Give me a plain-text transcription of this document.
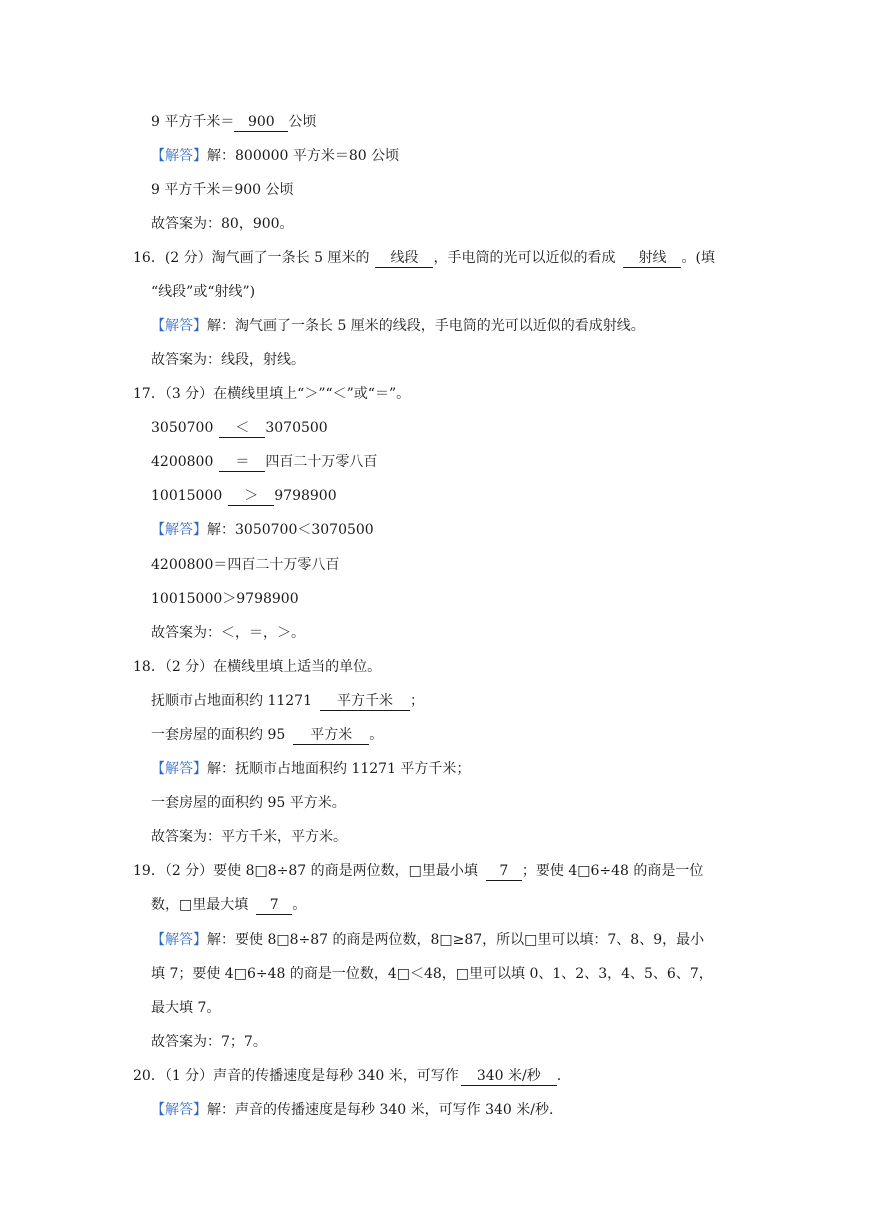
9 平方千米＝ 900 公顷
【解答】解：800000 平方米＝80 公顷
9 平方千米＝900 公顷
故答案为：80，900。
16．(2 分）淘气画了一条长 5 厘米的 线段 ，手电筒的光可以近似的看成 射线 。(填
“线段”或“射线”)
【解答】解：淘气画了一条长 5 厘米的线段，手电筒的光可以近似的看成射线。
故答案为：线段，射线。
17．（3 分）在横线里填上“＞”“＜”或“＝”。
3050700 ＜ 3070500
4200800 ＝ 四百二十万零八百
10015000 ＞ 9798900
【解答】解：3050700＜3070500
4200800＝四百二十万零八百
10015000＞9798900
故答案为：＜，＝，＞。
18．（2 分）在横线里填上适当的单位。
抚顺市占地面积约 11271 平方千米 ；
一套房屋的面积约 95 平方米 。
【解答】解：抚顺市占地面积约 11271 平方千米；
一套房屋的面积约 95 平方米。
故答案为：平方千米，平方米。
19．（2 分）要使 8□8÷87 的商是两位数，□里最小填 7 ；要使 4□6÷48 的商是一位
数，□里最大填 7 。
【解答】解：要使 8□8÷87 的商是两位数，8□≥87，所以□里可以填：7、8、9，最小
填 7；要使 4□6÷48 的商是一位数，4□＜48，□里可以填 0、1、2、3，4、5、6、7，
最大填 7。
故答案为：7；7。
20．（1 分）声音的传播速度是每秒 340 米，可写作 340 米/秒 .
【解答】解：声音的传播速度是每秒 340 米，可写作 340 米/秒.
